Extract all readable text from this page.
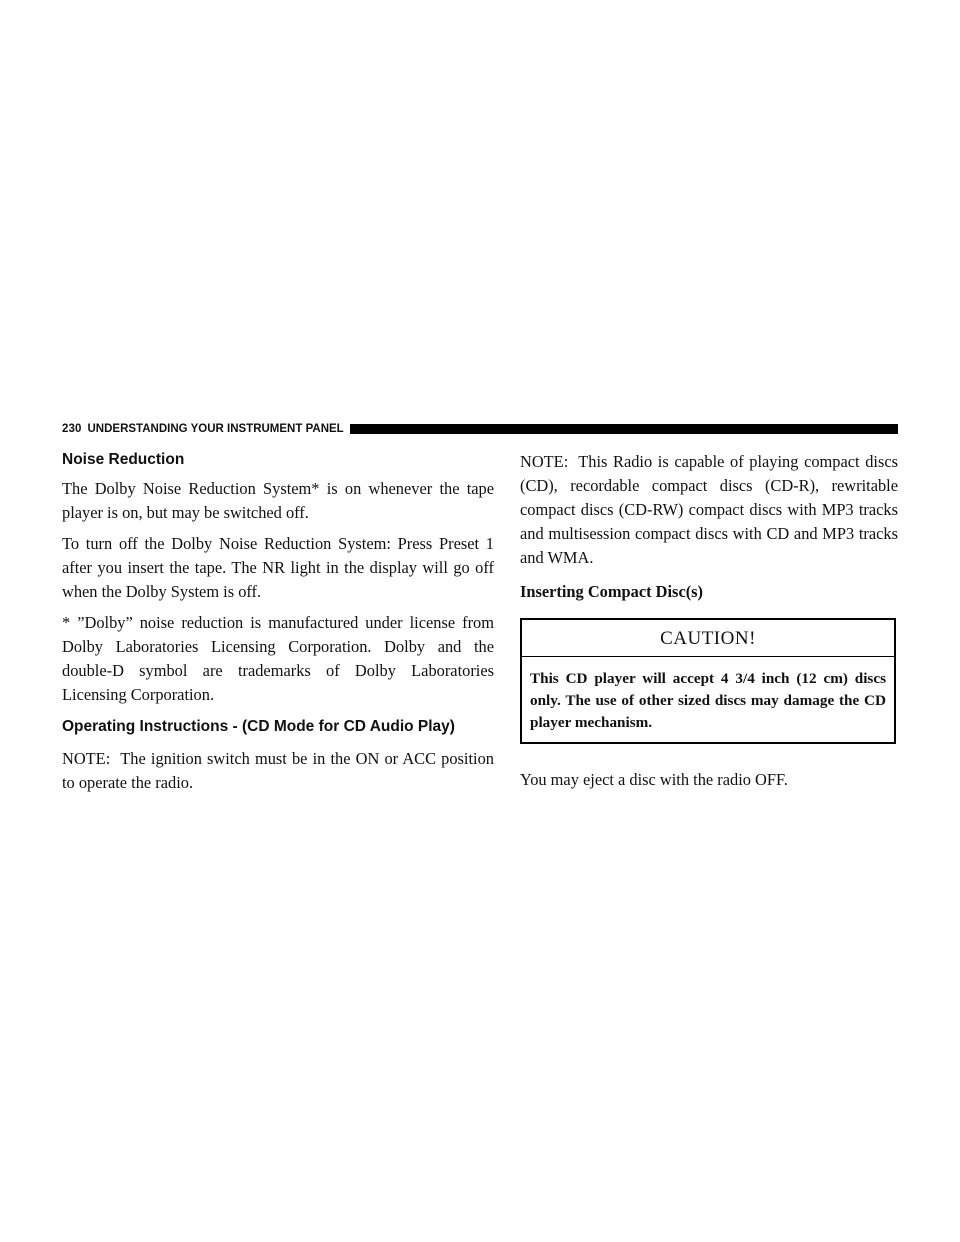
230 UNDERSTANDING YOUR INSTRUMENT PANEL
Noise Reduction

The Dolby Noise Reduction System* is on whenever the tape player is on, but may be switched off.

To turn off the Dolby Noise Reduction System: Press Preset 1 after you insert the tape. The NR light in the display will go off when the Dolby System is off.

* ”Dolby” noise reduction is manufactured under license from Dolby Laboratories Licensing Corporation. Dolby and the double-D symbol are trademarks of Dolby Laboratories Licensing Corporation.

Operating Instructions - (CD Mode for CD Audio Play)

NOTE: The ignition switch must be in the ON or ACC position to operate the radio.

NOTE: This Radio is capable of playing compact discs (CD), recordable compact discs (CD-R), rewritable compact discs (CD-RW) compact discs with MP3 tracks and multisession compact discs with CD and MP3 tracks and WMA.

Inserting Compact Disc(s)
CAUTION!
This CD player will accept 4 3/4 inch (12 cm) discs only. The use of other sized discs may damage the CD player mechanism.

You may eject a disc with the radio OFF.
